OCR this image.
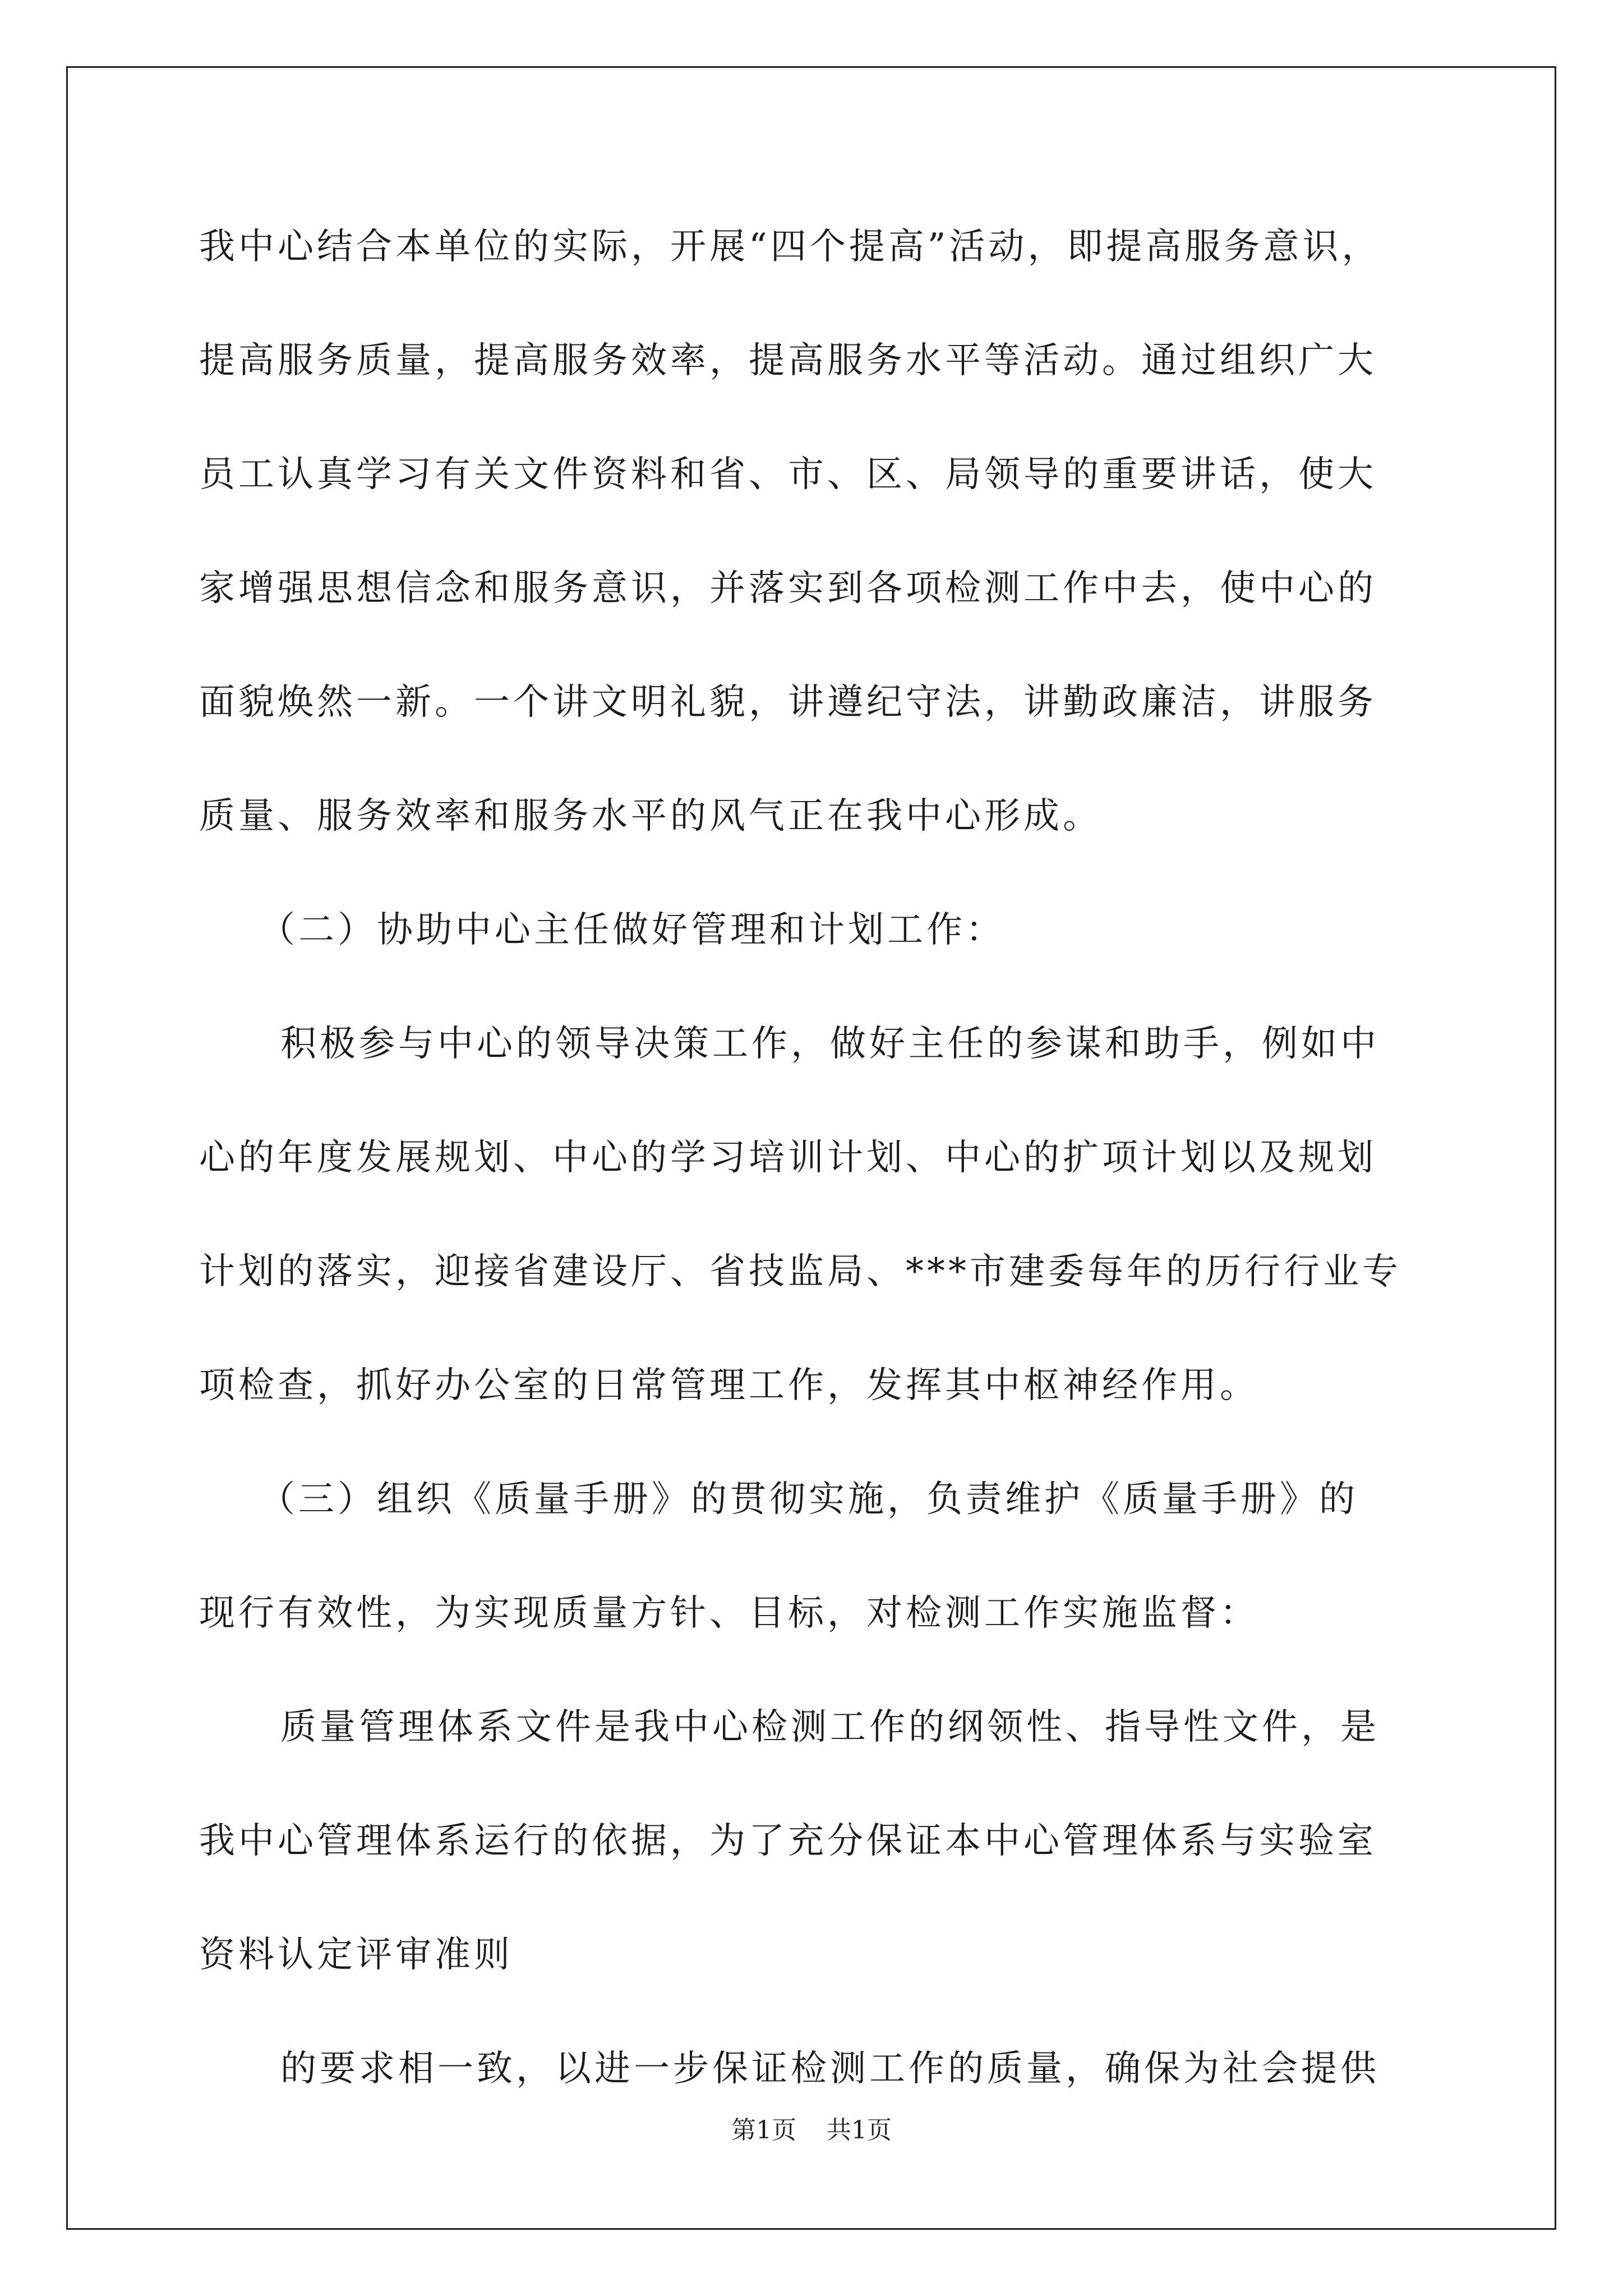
我中心结合本单位的实际，开展“四个提高”活动，即提高服务意识，
提高服务质量，提高服务效率，提高服务水平等活动。通过组织广大
员工认真学习有关文件资料和省、市、区、局领导的重要讲话，使大
家增强思想信念和服务意识，并落实到各项检测工作中去，使中心的
面貌焕然一新。一个讲文明礼貌，讲遵纪守法，讲勤政廉洁，讲服务
质量、服务效率和服务水平的风气正在我中心形成。
（二）协助中心主任做好管理和计划工作：
积极参与中心的领导决策工作，做好主任的参谋和助手，例如中
心的年度发展规划、中心的学习培训计划、中心的扩项计划以及规划
计划的落实，迎接省建设厅、省技监局、***市建委每年的历行行业专
项检查，抓好办公室的日常管理工作，发挥其中枢神经作用。
（三）组织《质量手册》的贯彻实施，负责维护《质量手册》的
现行有效性，为实现质量方针、目标，对检测工作实施监督：
质量管理体系文件是我中心检测工作的纲领性、指导性文件，是
我中心管理体系运行的依据，为了充分保证本中心管理体系与实验室
资料认定评审准则
的要求相一致，以进一步保证检测工作的质量，确保为社会提供
第1页 共1页
